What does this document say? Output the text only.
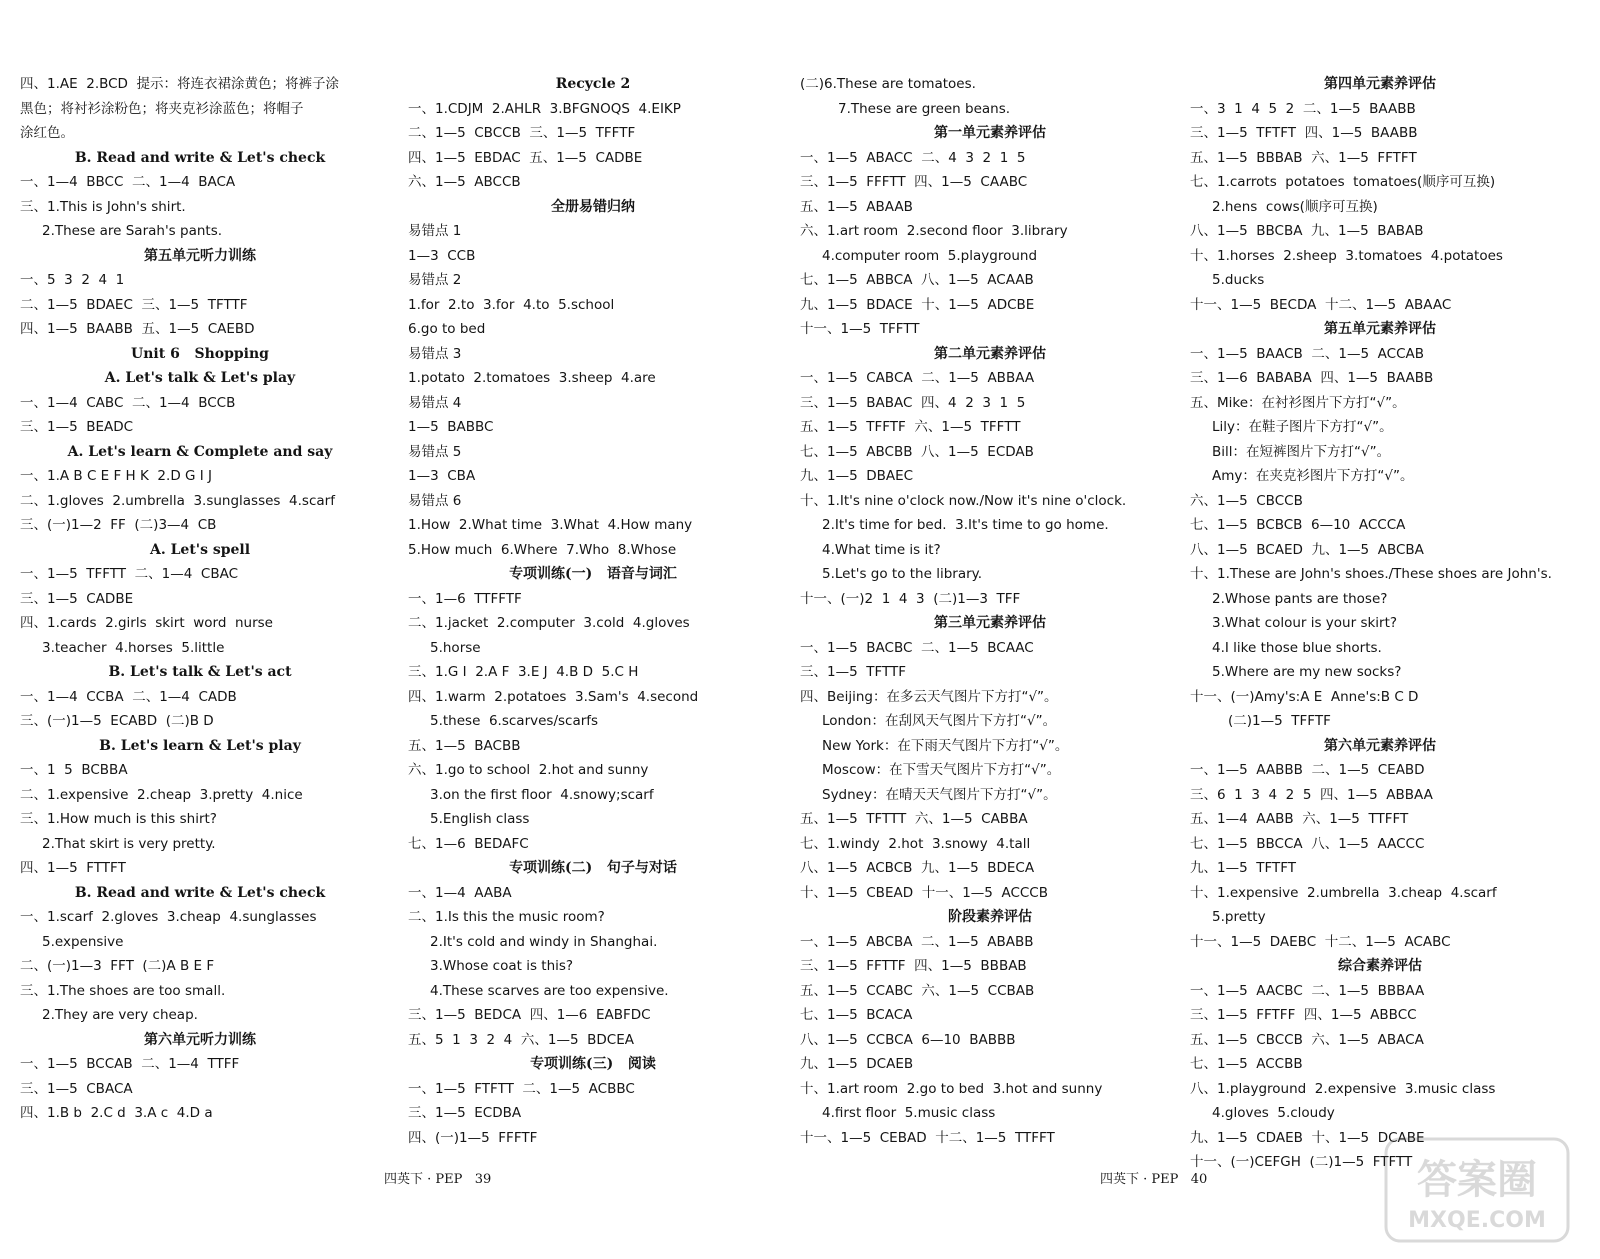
四、1.AE  2.BCD  提示：将连衣裙涂黄色；将裤子涂
黑色；将衬衫涂粉色；将夹克衫涂蓝色；将帽子
涂红色。
B. Read and write & Let's check
一、1—4  BBCC  二、1—4  BACA
三、1.This is John's shirt.
2.These are Sarah's pants.
第五单元听力训练
一、5  3  2  4  1
二、1—5  BDAEC  三、1—5  TFTTF
四、1—5  BAABB  五、1—5  CAEBD
Unit 6   Shopping
A. Let's talk & Let's play
一、1—4  CABC  二、1—4  BCCB
三、1—5  BEADC
A. Let's learn & Complete and say
一、1.A B C E F H K  2.D G I J
二、1.gloves  2.umbrella  3.sunglasses  4.scarf
三、(一)1—2  FF  (二)3—4  CB
A. Let's spell
一、1—5  TFFTT  二、1—4  CBAC
三、1—5  CADBE
四、1.cards  2.girls  skirt  word  nurse
3.teacher  4.horses  5.little
B. Let's talk & Let's act
一、1—4  CCBA  二、1—4  CADB
三、(一)1—5  ECABD  (二)B D
B. Let's learn & Let's play
一、1  5  BCBBA
二、1.expensive  2.cheap  3.pretty  4.nice
三、1.How much is this shirt?
2.That skirt is very pretty.
四、1—5  FTTFT
B. Read and write & Let's check
一、1.scarf  2.gloves  3.cheap  4.sunglasses
5.expensive
二、(一)1—3  FFT  (二)A B E F
三、1.The shoes are too small.
2.They are very cheap.
第六单元听力训练
一、1—5  BCCAB  二、1—4  TTFF
三、1—5  CBACA
四、1.B b  2.C d  3.A c  4.D a
Recycle 2
一、1.CDJM  2.AHLR  3.BFGNOQS  4.EIKP
二、1—5  CBCCB  三、1—5  TFFTF
四、1—5  EBDAC  五、1—5  CADBE
六、1—5  ABCCB
全册易错归纳
易错点 1
1—3  CCB
易错点 2
1.for  2.to  3.for  4.to  5.school
6.go to bed
易错点 3
1.potato  2.tomatoes  3.sheep  4.are
易错点 4
1—5  BABBC
易错点 5
1—3  CBA
易错点 6
1.How  2.What time  3.What  4.How many
5.How much  6.Where  7.Who  8.Whose
专项训练(一)   语音与词汇
一、1—6  TTFFTF
二、1.jacket  2.computer  3.cold  4.gloves
5.horse
三、1.G I  2.A F  3.E J  4.B D  5.C H
四、1.warm  2.potatoes  3.Sam's  4.second
5.these  6.scarves/scarfs
五、1—5  BACBB
六、1.go to school  2.hot and sunny
3.on the first floor  4.snowy;scarf
5.English class
七、1—6  BEDAFC
专项训练(二)   句子与对话
一、1—4  AABA
二、1.Is this the music room?
2.It's cold and windy in Shanghai.
3.Whose coat is this?
4.These scarves are too expensive.
三、1—5  BEDCA  四、1—6  EABFDC
五、5  1  3  2  4  六、1—5  BDCEA
专项训练(三)   阅读
一、1—5  FTFTT  二、1—5  ACBBC
三、1—5  ECDBA
四、(一)1—5  FFFTF
四英下 · PEP   39
(二)6.These are tomatoes.
7.These are green beans.
第一单元素养评估
一、1—5  ABACC  二、4  3  2  1  5
三、1—5  FFFTT  四、1—5  CAABC
五、1—5  ABAAB
六、1.art room  2.second floor  3.library
4.computer room  5.playground
七、1—5  ABBCA  八、1—5  ACAAB
九、1—5  BDACE  十、1—5  ADCBE
十一、1—5  TFFTT
第二单元素养评估
一、1—5  CABCA  二、1—5  ABBAA
三、1—5  BABAC  四、4  2  3  1  5
五、1—5  TFFTF  六、1—5  TFFTT
七、1—5  ABCBB  八、1—5  ECDAB
九、1—5  DBAEC
十、1.It's nine o'clock now./Now it's nine o'clock.
2.It's time for bed.  3.It's time to go home.
4.What time is it?
5.Let's go to the library.
十一、(一)2  1  4  3  (二)1—3  TFF
第三单元素养评估
一、1—5  BACBC  二、1—5  BCAAC
三、1—5  TFTTF
四、Beijing：在多云天气图片下方打“√”。
London：在刮风天气图片下方打“√”。
New York：在下雨天气图片下方打“√”。
Moscow：在下雪天气图片下方打“√”。
Sydney：在晴天天气图片下方打“√”。
五、1—5  TFTTT  六、1—5  CABBA
七、1.windy  2.hot  3.snowy  4.tall
八、1—5  ACBCB  九、1—5  BDECA
十、1—5  CBEAD  十一、1—5  ACCCB
阶段素养评估
一、1—5  ABCBA  二、1—5  ABABB
三、1—5  FFTTF  四、1—5  BBBAB
五、1—5  CCABC  六、1—5  CCBAB
七、1—5  BCACA
八、1—5  CCBCA  6—10  BABBB
九、1—5  DCAEB
十、1.art room  2.go to bed  3.hot and sunny
4.first floor  5.music class
十一、1—5  CEBAD  十二、1—5  TTFFT
第四单元素养评估
一、3  1  4  5  2  二、1—5  BAABB
三、1—5  TFTFT  四、1—5  BAABB
五、1—5  BBBAB  六、1—5  FFTFT
七、1.carrots  potatoes  tomatoes(顺序可互换)
2.hens  cows(顺序可互换)
八、1—5  BBCBA  九、1—5  BABAB
十、1.horses  2.sheep  3.tomatoes  4.potatoes
5.ducks
十一、1—5  BECDA  十二、1—5  ABAAC
第五单元素养评估
一、1—5  BAACB  二、1—5  ACCAB
三、1—6  BABABA  四、1—5  BAABB
五、Mike：在衬衫图片下方打“√”。
Lily：在鞋子图片下方打“√”。
Bill：在短裤图片下方打“√”。
Amy：在夹克衫图片下方打“√”。
六、1—5  CBCCB
七、1—5  BCBCB  6—10  ACCCA
八、1—5  BCAED  九、1—5  ABCBA
十、1.These are John's shoes./These shoes are John's.
2.Whose pants are those?
3.What colour is your skirt?
4.I like those blue shorts.
5.Where are my new socks?
十一、(一)Amy's:A E  Anne's:B C D
(二)1—5  TFFTF
第六单元素养评估
一、1—5  AABBB  二、1—5  CEABD
三、6  1  3  4  2  5  四、1—5  ABBAA
五、1—4  AABB  六、1—5  TTFFT
七、1—5  BBCCA  八、1—5  AACCC
九、1—5  TFTFT
十、1.expensive  2.umbrella  3.cheap  4.scarf
5.pretty
十一、1—5  DAEBC  十二、1—5  ACABC
综合素养评估
一、1—5  AACBC  二、1—5  BBBAA
三、1—5  FFTFF  四、1—5  ABBCC
五、1—5  CBCCB  六、1—5  ABACA
七、1—5  ACCBB
八、1.playground  2.expensive  3.music class
4.gloves  5.cloudy
九、1—5  CDAEB  十、1—5  DCABE
十一、(一)CEFGH  (二)1—5  FTFTT
四英下 · PEP   40	答案圈
MXQE.COM
